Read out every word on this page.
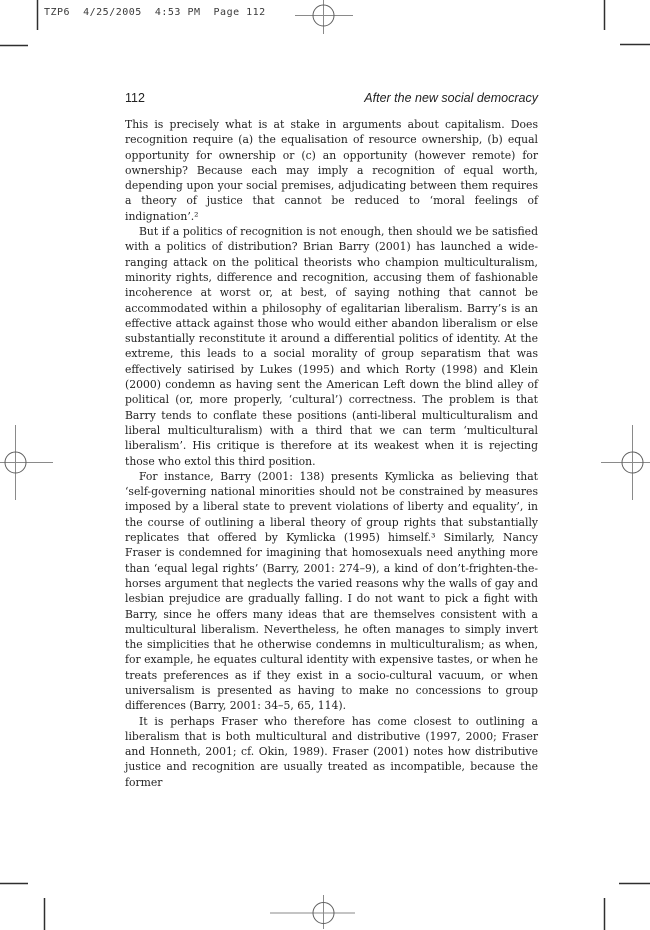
TZP6  4/25/2005  4:53 PM  Page 112
112	After the new social democracy

This is precisely what is at stake in arguments about capitalism. Does recognition require (a) the equalisation of resource ownership, (b) equal opportunity for ownership or (c) an opportunity (however remote) for ownership? Because each may imply a recognition of equal worth, depending upon your social premises, adjudicating between them requires a theory of justice that cannot be reduced to ‘moral feelings of indignation’.²

But if a politics of recognition is not enough, then should we be satisfied with a politics of distribution? Brian Barry (2001) has launched a wide-ranging attack on the political theorists who champion multiculturalism, minority rights, difference and recognition, accusing them of fashionable incoherence at worst or, at best, of saying nothing that cannot be accommodated within a philosophy of egalitarian liberalism. Barry’s is an effective attack against those who would either abandon liberalism or else substantially reconstitute it around a differential politics of identity. At the extreme, this leads to a social morality of group separatism that was effectively satirised by Lukes (1995) and which Rorty (1998) and Klein (2000) condemn as having sent the American Left down the blind alley of political (or, more properly, ‘cultural’) correctness. The problem is that Barry tends to conflate these positions (anti-liberal multiculturalism and liberal multiculturalism) with a third that we can term ‘multicultural liberalism’. His critique is therefore at its weakest when it is rejecting those who extol this third position.

For instance, Barry (2001: 138) presents Kymlicka as believing that ‘self-governing national minorities should not be constrained by measures imposed by a liberal state to prevent violations of liberty and equality’, in the course of outlining a liberal theory of group rights that substantially replicates that offered by Kymlicka (1995) himself.³ Similarly, Nancy Fraser is condemned for imagining that homosexuals need anything more than ‘equal legal rights’ (Barry, 2001: 274–9), a kind of don’t-frighten-the-horses argument that neglects the varied reasons why the walls of gay and lesbian prejudice are gradually falling. I do not want to pick a fight with Barry, since he offers many ideas that are themselves consistent with a multicultural liberalism. Nevertheless, he often manages to simply invert the simplicities that he otherwise condemns in multiculturalism; as when, for example, he equates cultural identity with expensive tastes, or when he treats preferences as if they exist in a socio-cultural vacuum, or when universalism is presented as having to make no concessions to group differences (Barry, 2001: 34–5, 65, 114).

It is perhaps Fraser who therefore has come closest to outlining a liberalism that is both multicultural and distributive (1997, 2000; Fraser and Honneth, 2001; cf. Okin, 1989). Fraser (2001) notes how distributive justice and recognition are usually treated as incompatible, because the former
